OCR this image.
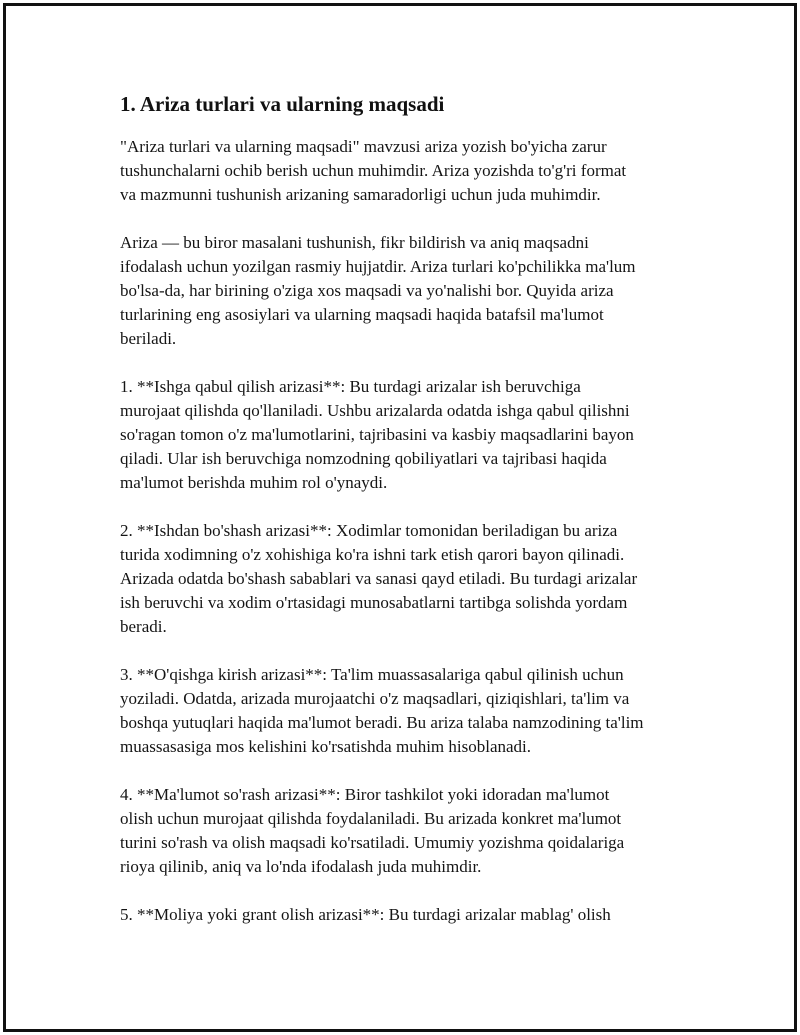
1. Ariza turlari va ularning maqsadi

"Ariza turlari va ularning maqsadi" mavzusi ariza yozish bo'yicha zarur
tushunchalarni ochib berish uchun muhimdir. Ariza yozishda to'g'ri format
va mazmunni tushunish arizaning samaradorligi uchun juda muhimdir.

Ariza — bu biror masalani tushunish, fikr bildirish va aniq maqsadni
ifodalash uchun yozilgan rasmiy hujjatdir. Ariza turlari ko'pchilikka ma'lum
bo'lsa-da, har birining o'ziga xos maqsadi va yo'nalishi bor. Quyida ariza
turlarining eng asosiylari va ularning maqsadi haqida batafsil ma'lumot
beriladi.

1. **Ishga qabul qilish arizasi**: Bu turdagi arizalar ish beruvchiga
murojaat qilishda qo'llaniladi. Ushbu arizalarda odatda ishga qabul qilishni
so'ragan tomon o'z ma'lumotlarini, tajribasini va kasbiy maqsadlarini bayon
qiladi. Ular ish beruvchiga nomzodning qobiliyatlari va tajribasi haqida
ma'lumot berishda muhim rol o'ynaydi.

2. **Ishdan bo'shash arizasi**: Xodimlar tomonidan beriladigan bu ariza
turida xodimning o'z xohishiga ko'ra ishni tark etish qarori bayon qilinadi.
Arizada odatda bo'shash sabablari va sanasi qayd etiladi. Bu turdagi arizalar
ish beruvchi va xodim o'rtasidagi munosabatlarni tartibga solishda yordam
beradi.

3. **O'qishga kirish arizasi**: Ta'lim muassasalariga qabul qilinish uchun
yoziladi. Odatda, arizada murojaatchi o'z maqsadlari, qiziqishlari, ta'lim va
boshqa yutuqlari haqida ma'lumot beradi. Bu ariza talaba namzodining ta'lim
muassasasiga mos kelishini ko'rsatishda muhim hisoblanadi.

4. **Ma'lumot so'rash arizasi**: Biror tashkilot yoki idoradan ma'lumot
olish uchun murojaat qilishda foydalaniladi. Bu arizada konkret ma'lumot
turini so'rash va olish maqsadi ko'rsatiladi. Umumiy yozishma qoidalariga
rioya qilinib, aniq va lo'nda ifodalash juda muhimdir.

5. **Moliya yoki grant olish arizasi**: Bu turdagi arizalar mablag' olish
